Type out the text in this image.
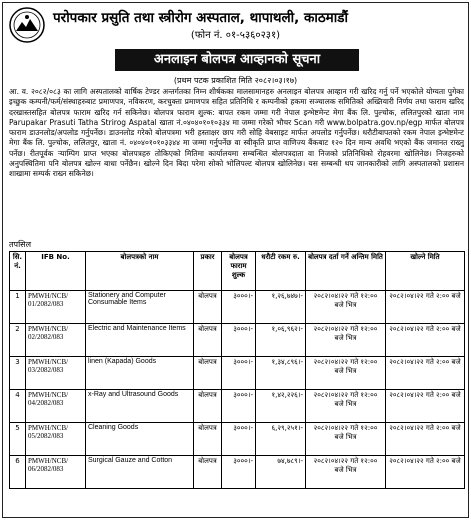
परोपकार प्रसुति तथा स्त्रीरोग अस्पताल, थापाथली, काठमाडौं
(फोन नं. ०१-५३६०२३१)
अनलाइन बोलपत्र आव्हानको सूचना
(प्रथम पटक प्रकाशित मिति २०८२।०३।१७)
आ. व. २०८२/०८३ का लागि अस्पतालको वार्षिक टेण्डर अन्तर्गतका निम्न शीर्षकका मालसामानहरु अनलाइन बोलपत्र आव्हान गरी खरिद गर्नु पर्ने भएकोले योग्यता पुगेका इच्छुक कम्पनी/फर्म/संस्थाहरुबाट प्रमाणपत्र, नविकरण, करचुक्ता प्रमाणपत्र सहित प्रतिनिधि र कम्पनीको हकमा सञ्चालक समितिको अख्तियारी निर्णय तथा फाराम खरिद दरखास्तसहित बोलपत्र फाराम खरिद गर्न सकिनेछ। बोलपत्र फाराम शुल्क: बापत रकम जम्मा गरी नेपाल इन्भेष्टमेन्ट मेगा बैंक लि. पुल्चोक, ललितपुरको खाता नाम Parupakar Prasuti Tatha Strirog Aspatal खाता नं.०४०४०१०१०३३४ मा जम्मा गरेको भौचर Scan गरी www.bolpatra.gov.np/egp मार्फत बोलपत्र फाराम डाउनलोड/अपलोड गर्नुपर्नेछ। डाउनलोड गरेको बोलपत्रमा भरी हस्ताक्षर छाप गरी सोहि वेबसाइट मार्फत अपलोड गर्नुपर्नेछ। धरौटीबापतको रकम नेपाल इन्भेष्टमेन्ट मेगा बैंक लि. पुल्चोक, ललितपुर, खाता नं. ०४०४०१०१०३३४४ मा जम्मा गर्नुपर्नेछ वा स्वीकृति प्राप्त वाणिज्य बैंकबाट १२० दिन मान्य अवधि भएको बैंक जमानत राख्नु पर्नेछ। रीतपूर्वक र्‍याम्पिग प्राप्त भएका बोलपत्रहरु तोकिएको मितिमा कार्यालयमा सम्बन्धित बोलपत्रदाता वा निजको प्रतिनिधिको रोहवरमा खोलिनेछ। निजहरुको अनुपस्थितिमा पनि बोलपत्र खोल्न बाधा पर्नेछैन। खोल्ने दिन बिदा परेमा सोको भोलिपल्ट बोलपत्र खोलिनेछ। यस सम्बन्धी थप जानकारीको लागि अस्पतालको प्रशासन शाखामा सम्पर्क राख्न सकिनेछ।
तपसिल
सि. नं.	IFB No.	बोलपत्रको नाम	प्रकार	बोलपत्र फाराम शुल्क	धरौटी रकम रु.	बोलपत्र दर्ता गर्ने अन्तिम मिति	खोल्ने मिति
1	PMWH/NCB/ 01/2082/083	Stationery and Computer Consumable Items	बोलपत्र	३०००।-	१,२६,७४७।-	२०८२।०४।२२ गते १२:०० बजे भित्र	२०८२।०४।२२ गते २:०० बजे
2	PMWH/NCB/ 02/2082/083	Electric and Maintenance Items	बोलपत्र	३०००।-	१,०६,९६२।-	२०८२।०४।२२ गते १२:०० बजे भित्र	२०८२।०४।२२ गते २:०० बजे
3	PMWH/NCB/ 03/2082/083	linen (Kapada) Goods	बोलपत्र	३०००।-	१,३४,८९६।-	२०८२।०४।२२ गते १२:०० बजे भित्र	२०८२।०४।२२ गते २:०० बजे
4	PMWH/NCB/ 04/2082/083	x-Ray and Ultrasound Goods	बोलपत्र	३०००।-	१,४२,२२६।-	२०८२।०४।२२ गते १२:०० बजे भित्र	२०८२।०४।२२ गते २:०० बजे
5	PMWH/NCB/ 05/2082/083	Cleaning Goods	बोलपत्र	३०००।-	६,२९,२५१।-	२०८२।०४।२२ गते १२:०० बजे भित्र	२०८२।०४।२२ गते २:०० बजे
6	PMWH/NCB/ 06/2082/083	Surgical Gauze and Cotton	बोलपत्र	३०००।-	७४,७८९।-	२०८२।०४।२२ गते १२:०० बजे भित्र	२०८२।०४।२२ गते २:०० बजे
